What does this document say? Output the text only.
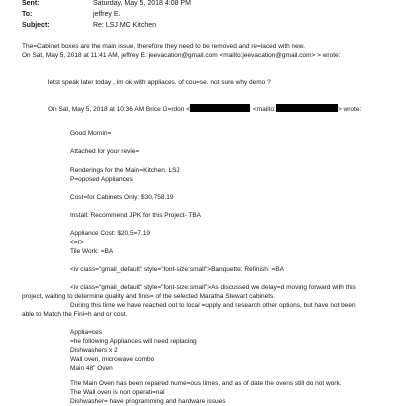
Sent:	Saturday, May 5, 2018 4:08 PM
To:	jeffrey E.
Subject:	Re: LSJ MC Kitchen
The=Cabinet boxes are the main issue, therefore they need to be removed and re=laced with new.
On Sat, May 5, 2018 at 11:41 AM, jeffrey E. jeevacation@gmail.com <mailto:jeevacation@gmail.com> > wrote:
letst speak later today , im ok with appliaces. of cou=se. not sure why demo ?
On Sat, May 5, 2018 at 10:36 AM Brice G=rdon <	<mailto:	> wrote:
Good Mornin=
Attached for your revie=
Renderings for the Main=Kitchen. LSJ
P=oposed Appliances
Cost=for Cabinets Only: $30,758.19
Install: Recommend JPK for this Project- TBA
Appliance Cost: $20,5=7.19
<=r>
Tile Work: =BA
<iv class="gmail_default" style="font-size:small">Banquette: Refinish: =BA
<iv class="gmail_default" style="font-size:small">As discussed we delay=d moving forward with this
project, waiting to determine quality and finis= of the selected Maratha Stewart cabinets.
During this time we have reached out to local =upply and research other options, but have not been
able to Match the Fini=h and or cost.
Applia=ces
=he following Appliances will need replacing
Dishwashers x 2
Wall oven, microwave combo
Main 48" Oven
The Main Oven has been repaired nume=ous times, and as of date the ovens still do not work.
The Wall oven is non operati=nal
Dishwasher= have programming and hardware issues
